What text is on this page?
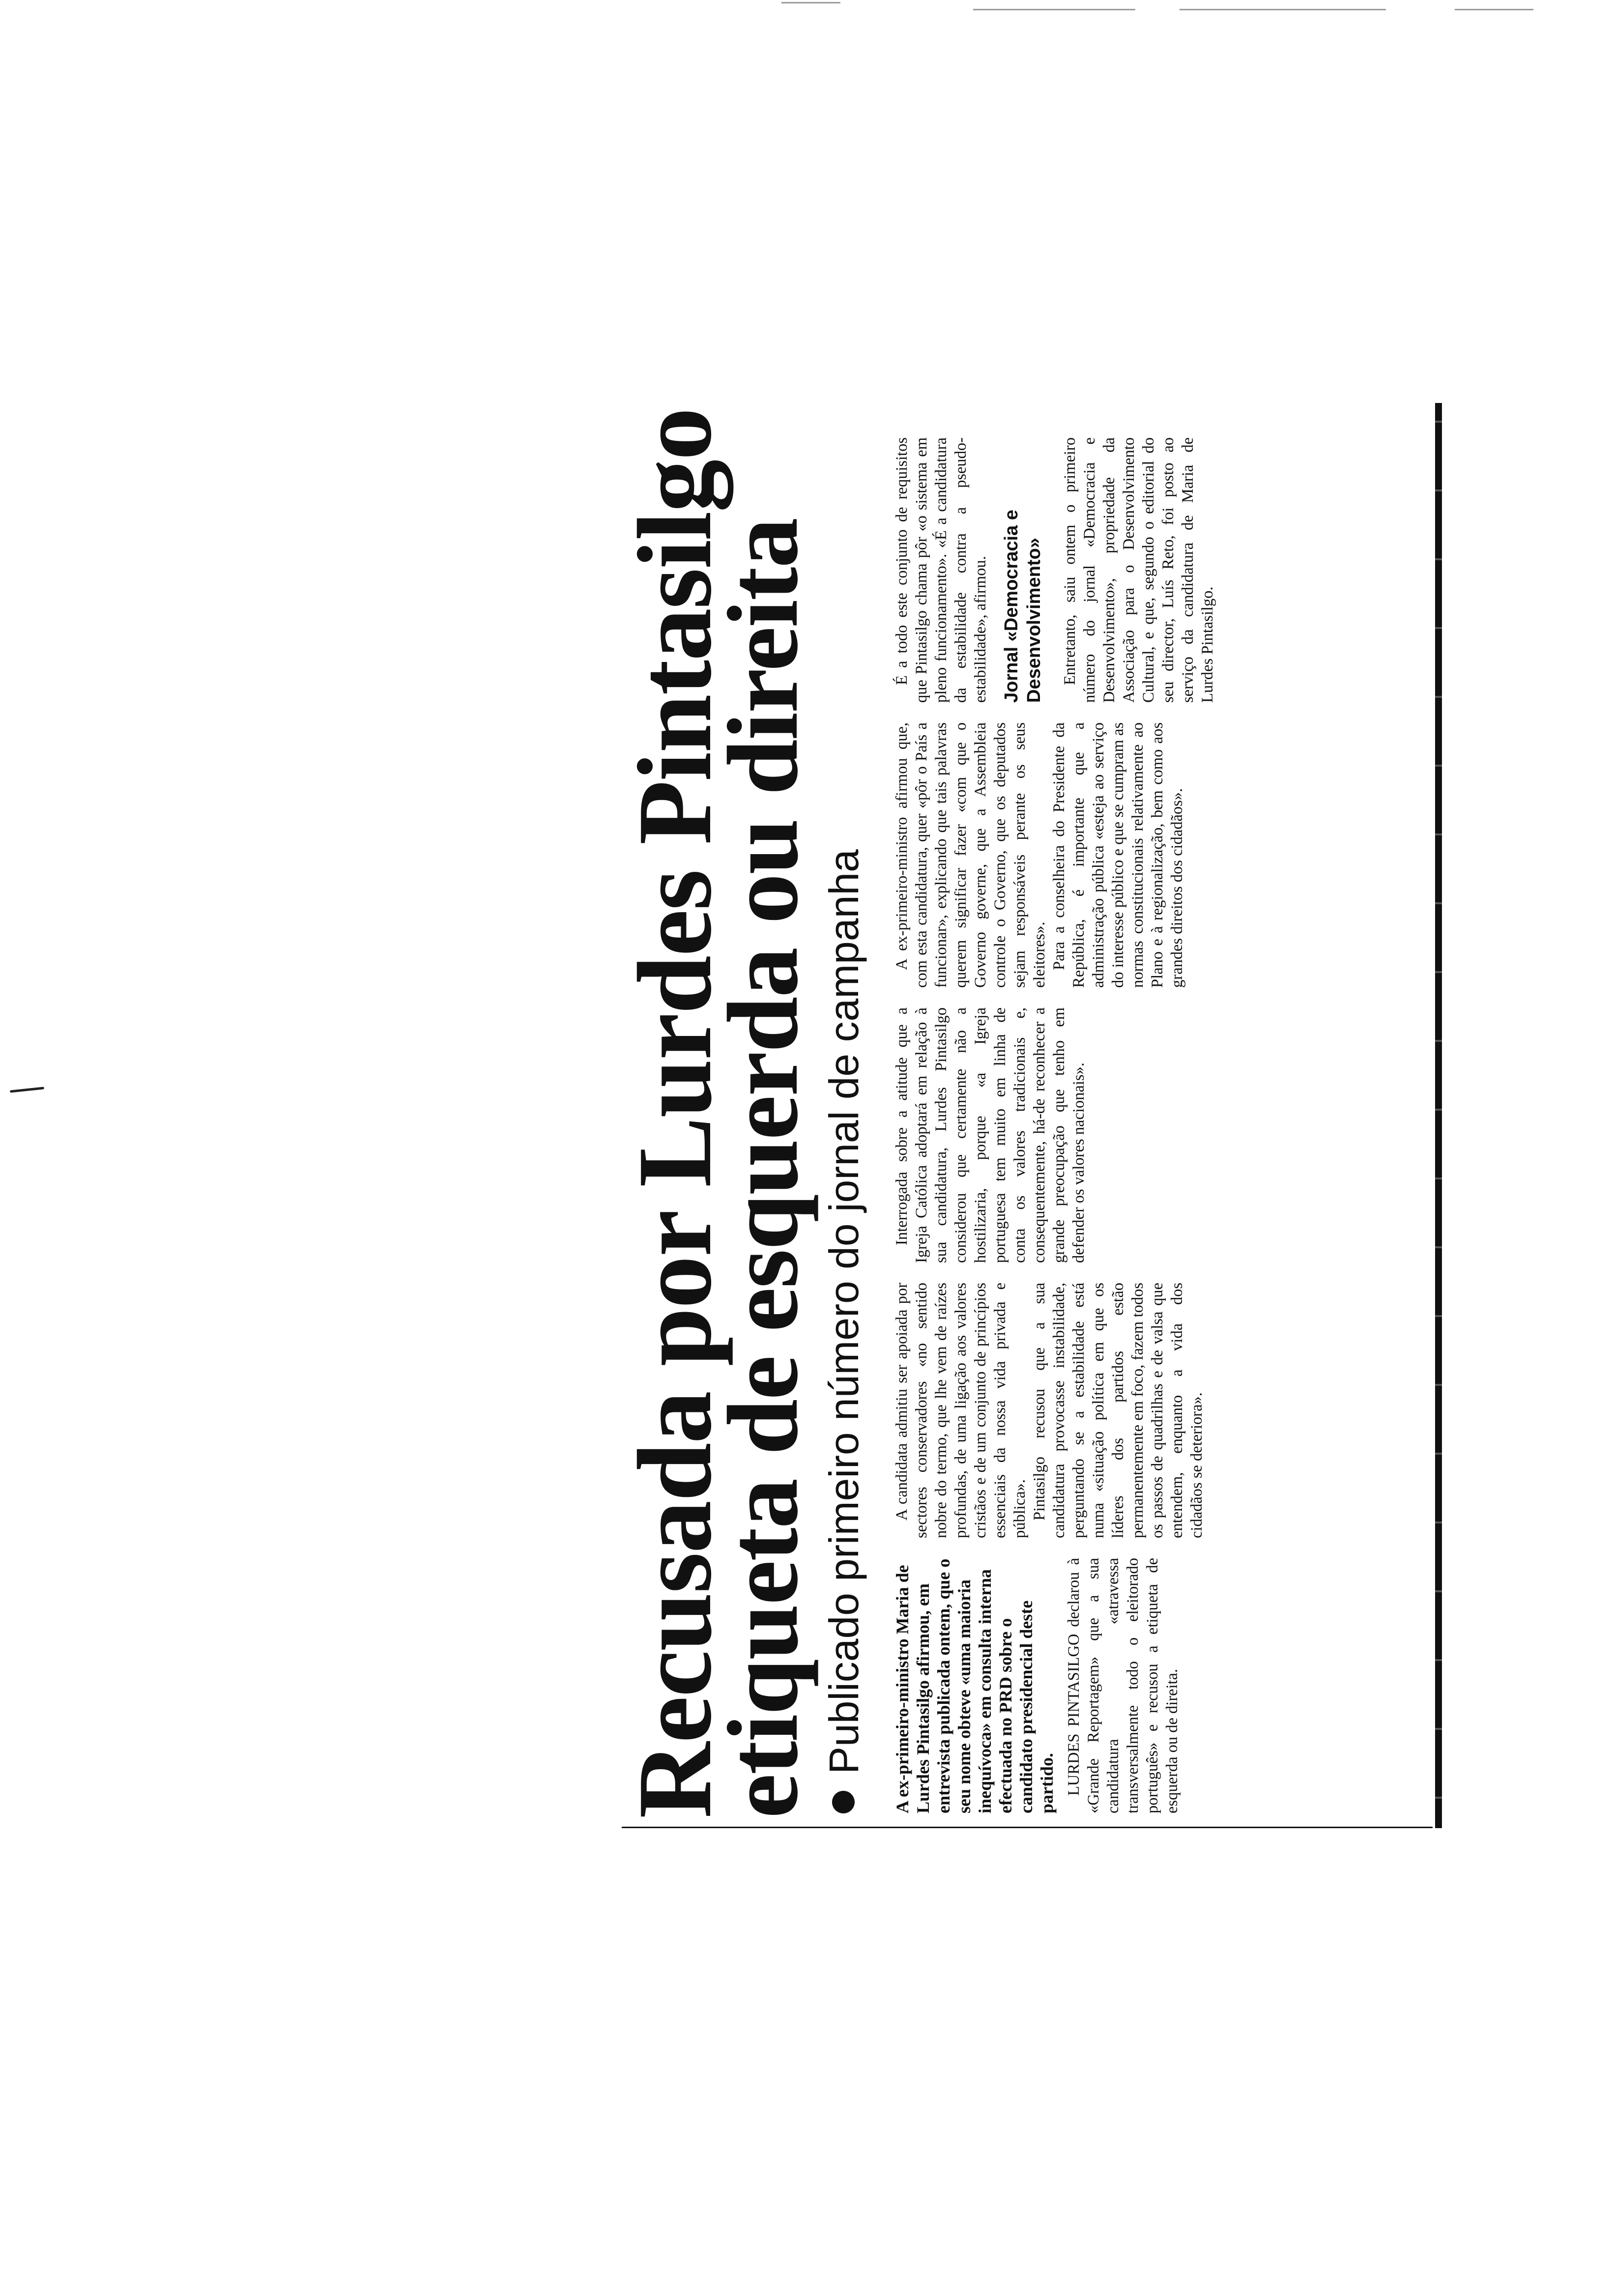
Recusada por Lurdes Pintasilgo
etiqueta de esquerda ou direita Publicado primeiro número do jornal de campanha A ex-primeiro-ministro Maria de Lurdes Pintasilgo afirmou, em entrevista publicada ontem, que o seu nome obteve «uma maioria inequívoca» em consulta interna efectuada no PRD sobre o candidato presidencial deste partido. LURDES PINTASILGO declarou à «Grande Reportagem» que a sua candidatura «atravessa transversalmente todo o eleitorado português» e recusou a etiqueta de esquerda ou de direita.

A candidata admitiu ser apoiada por sectores conservadores «no sentido nobre do termo, que lhe vem de raízes profundas, de uma ligação aos valores cristãos e de um conjunto de princípios essenciais da nossa vida privada e pública». Pintasilgo recusou que a sua candidatura provocasse instabilidade, perguntando se a estabilidade está numa «situação política em que os líderes dos partidos estão permanentemente em foco, fazem todos os passos de quadrilhas e de valsa que entendem, enquanto a vida dos cidadãos se deteriora».

Interrogada sobre a atitude que a Igreja Católica adoptará em relação à sua candidatura, Lurdes Pintasilgo considerou que certamente não a hostilizaria, porque «a Igreja portuguesa tem muito em linha de conta os valores tradicionais e, consequentemente, há-de reconhecer a grande preocupação que tenho em defender os valores nacionais».

A ex-primeiro-ministro afirmou que, com esta candidatura, quer «pôr o País a funcionar», explicando que tais palavras querem significar fazer «com que o Governo governe, que a Assembleia controle o Governo, que os deputados sejam responsáveis perante os seus eleitores». Para a conselheira do Presidente da República, é importante que a administração pública «esteja ao serviço do interesse público e que se cumpram as normas constitucionais relativamente ao Plano e à regionalização, bem como aos grandes direitos dos cidadãos».

É a todo este conjunto de requisitos que Pintasilgo chama pôr «o sistema em pleno funcionamento». «É a candidatura da estabilidade contra a pseudo-estabilidade», afirmou. Jornal «Democracia e Desenvolvimento» Entretanto, saiu ontem o primeiro número do jornal «Democracia e Desenvolvimento», propriedade da Associação para o Desenvolvimento Cultural, e que, segundo o editorial do seu director, Luís Reto, foi posto ao serviço da candidatura de Maria de Lurdes Pintasilgo.
